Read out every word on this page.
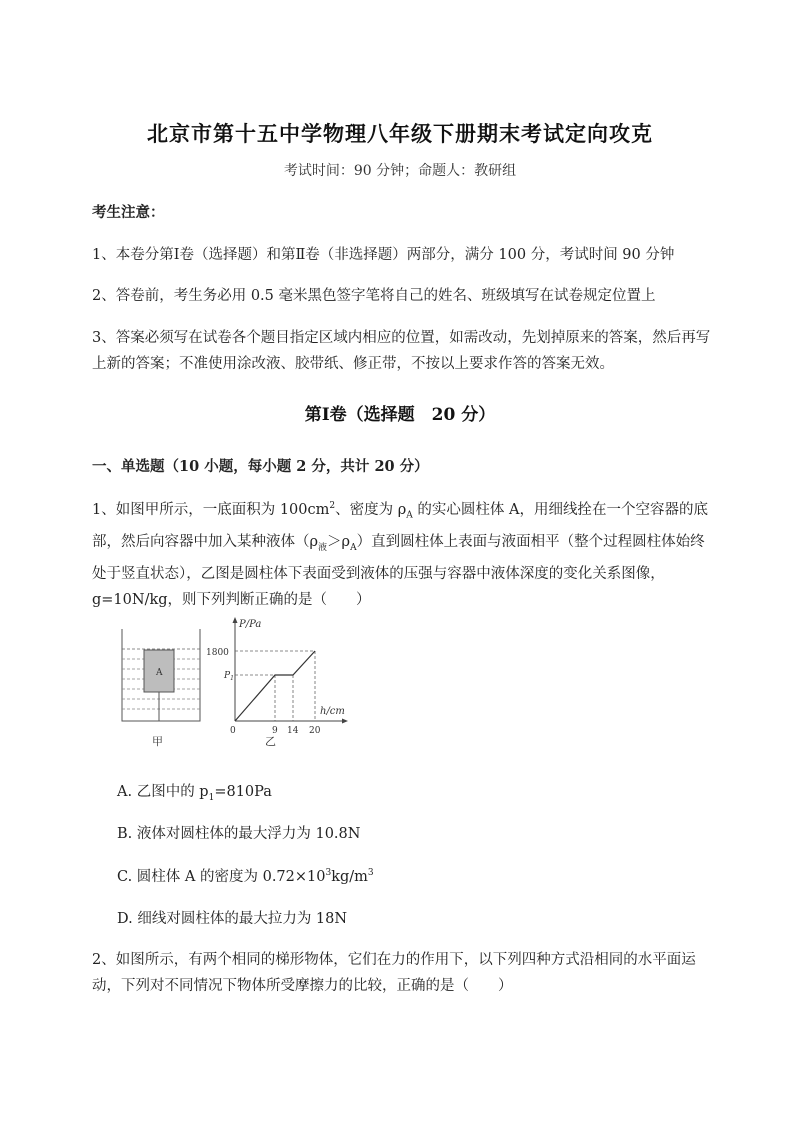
北京市第十五中学物理八年级下册期末考试定向攻克
考试时间：90 分钟；命题人：教研组

考生注意：

1、本卷分第Ⅰ卷（选择题）和第Ⅱ卷（非选择题）两部分，满分 100 分，考试时间 90 分钟

2、答卷前，考生务必用 0.5 毫米黑色签字笔将自己的姓名、班级填写在试卷规定位置上

3、答案必须写在试卷各个题目指定区域内相应的位置，如需改动，先划掉原来的答案，然后再写上新的答案；不准使用涂改液、胶带纸、修正带，不按以上要求作答的答案无效。

第Ⅰ卷（选择题　20 分）

一、单选题（10 小题，每小题 2 分，共计 20 分）

1、如图甲所示，一底面积为 $100cm^2$、密度为 $\rho_A$ 的实心圆柱体 A，用细线拴在一个空容器的底部，然后向容器中加入某种液体$(\rho_液>\rho_A)$直到圆柱体上表面与液面相平（整个过程圆柱体始终处于竖直状态），乙图是圆柱体下表面受到液体的压强与容器中液体深度的变化关系图像，g=10N/kg，则下列判断正确的是（　　）

A
甲
P/Pa
h/cm
1800
$P_1$
0	9 14 20
乙
A. 乙图中的 $p_1=810Pa$
B. 液体对圆柱体的最大浮力为 10.8N
C. 圆柱体 A 的密度为 $0.72\times 10^3kg/m^3$
D. 细线对圆柱体的最大拉力为 18N

2、如图所示，有两个相同的梯形物体，它们在力的作用下，以下列四种方式沿相同的水平面运动，下列对不同情况下物体所受摩擦力的比较，正确的是（　　）
